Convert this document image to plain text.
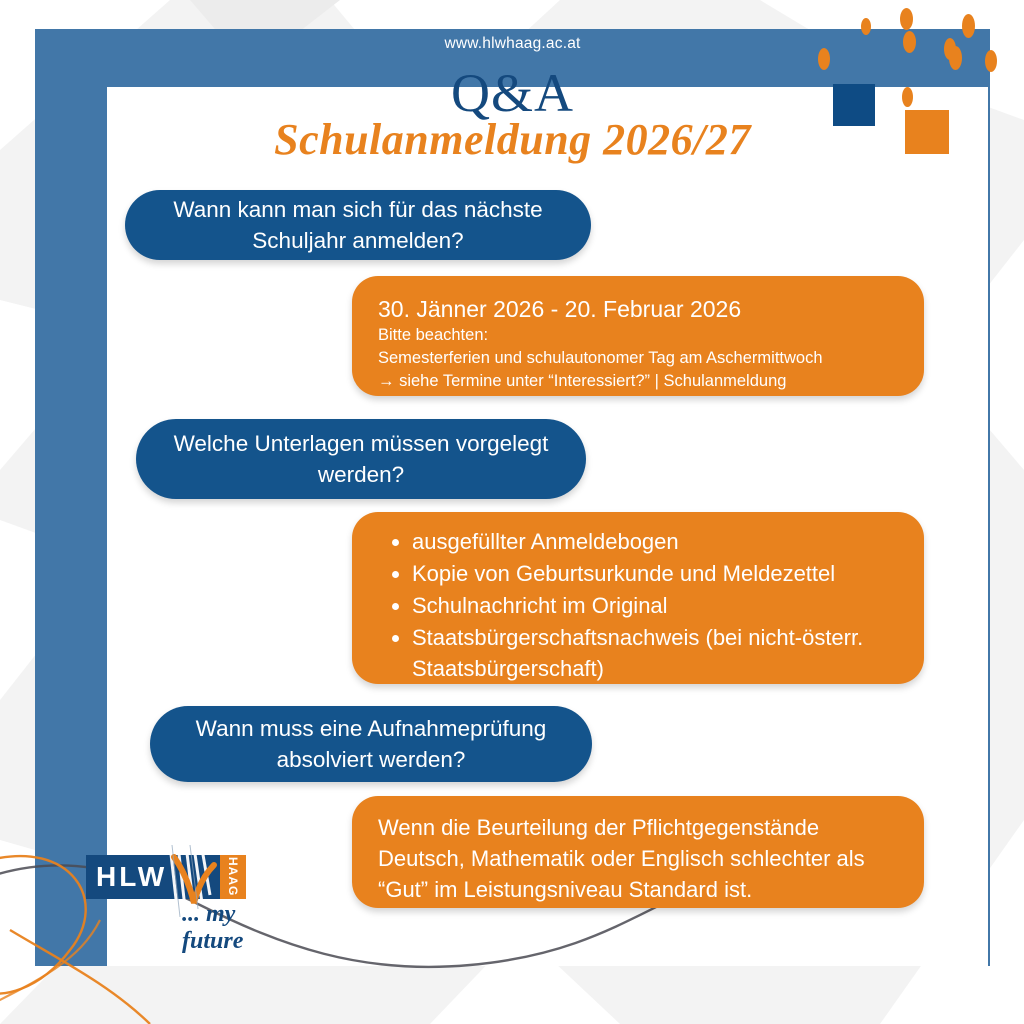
www.hlwhaag.ac.at
Q&A
Schulanmeldung 2026/27
Wann kann man sich für das nächste Schuljahr anmelden?
30. Jänner 2026 - 20. Februar 2026
Bitte beachten:
Semesterferien und schulautonomer Tag am Aschermittwoch
→ siehe Termine unter “Interessiert?” | Schulanmeldung
Welche Unterlagen müssen vorgelegt werden?
• ausgefüllter Anmeldebogen
• Kopie von Geburtsurkunde und Meldezettel
• Schulnachricht im Original
• Staatsbürgerschaftsnachweis (bei nicht-österr. Staatsbürgerschaft)
Wann muss eine Aufnahmeprüfung absolviert werden?
Wenn die Beurteilung der Pflichtgegenstände Deutsch, Mathematik oder Englisch schlechter als “Gut” im Leistungsniveau Standard ist.
HLW	HAAG
... my future
